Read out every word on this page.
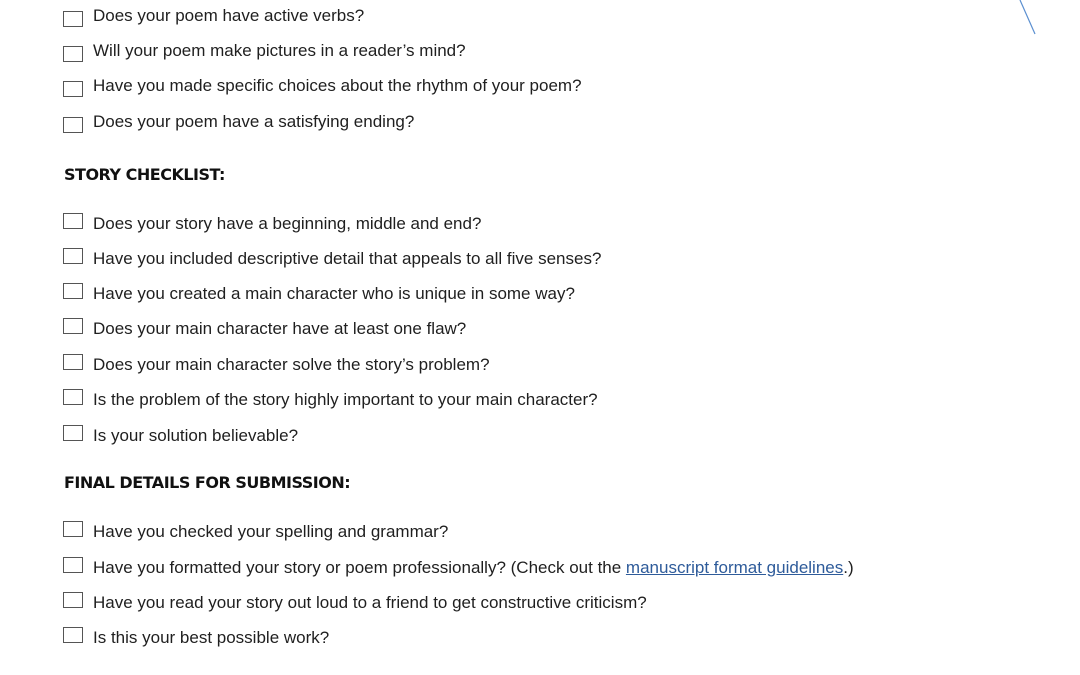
Does your poem have active verbs?
Will your poem make pictures in a reader’s mind?
Have you made specific choices about the rhythm of your poem?
Does your poem have a satisfying ending?
STORY CHECKLIST:
Does your story have a beginning, middle and end?
Have you included descriptive detail that appeals to all five senses?
Have you created a main character who is unique in some way?
Does your main character have at least one flaw?
Does your main character solve the story’s problem?
Is the problem of the story highly important to your main character?
Is your solution believable?
FINAL DETAILS FOR SUBMISSION:
Have you checked your spelling and grammar?
Have you formatted your story or poem professionally? (Check out the manuscript format guidelines.)
Have you read your story out loud to a friend to get constructive criticism?
Is this your best possible work?
